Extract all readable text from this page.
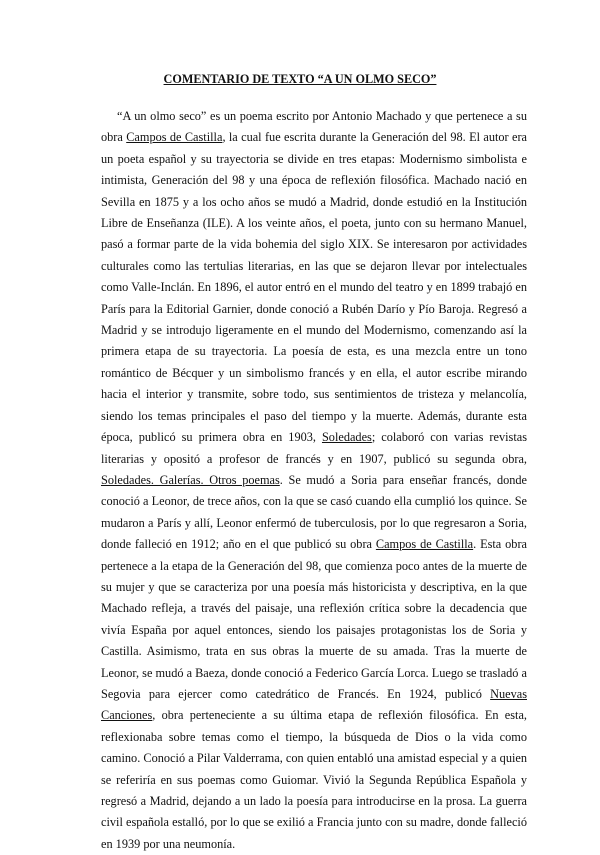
COMENTARIO DE TEXTO “A UN OLMO SECO”

“A un olmo seco” es un poema escrito por Antonio Machado y que pertenece a su obra Campos de Castilla, la cual fue escrita durante la Generación del 98. El autor era un poeta español y su trayectoria se divide en tres etapas: Modernismo simbolista e intimista, Generación del 98 y una época de reflexión filosófica. Machado nació en Sevilla en 1875 y a los ocho años se mudó a Madrid, donde estudió en la Institución Libre de Enseñanza (ILE). A los veinte años, el poeta, junto con su hermano Manuel, pasó a formar parte de la vida bohemia del siglo XIX. Se interesaron por actividades culturales como las tertulias literarias, en las que se dejaron llevar por intelectuales como Valle-Inclán. En 1896, el autor entró en el mundo del teatro y en 1899 trabajó en París para la Editorial Garnier, donde conoció a Rubén Darío y Pío Baroja. Regresó a Madrid y se introdujo ligeramente en el mundo del Modernismo, comenzando así la primera etapa de su trayectoria. La poesía de esta, es una mezcla entre un tono romántico de Bécquer y un simbolismo francés y en ella, el autor escribe mirando hacia el interior y transmite, sobre todo, sus sentimientos de tristeza y melancolía, siendo los temas principales el paso del tiempo y la muerte. Además, durante esta época, publicó su primera obra en 1903, Soledades; colaboró con varias revistas literarias y opositó a profesor de francés y en 1907, publicó su segunda obra, Soledades. Galerías. Otros poemas. Se mudó a Soria para enseñar francés, donde conoció a Leonor, de trece años, con la que se casó cuando ella cumplió los quince. Se mudaron a París y allí, Leonor enfermó de tuberculosis, por lo que regresaron a Soria, donde falleció en 1912; año en el que publicó su obra Campos de Castilla. Esta obra pertenece a la etapa de la Generación del 98, que comienza poco antes de la muerte de su mujer y que se caracteriza por una poesía más historicista y descriptiva, en la que Machado refleja, a través del paisaje, una reflexión crítica sobre la decadencia que vivía España por aquel entonces, siendo los paisajes protagonistas los de Soria y Castilla. Asimismo, trata en sus obras la muerte de su amada. Tras la muerte de Leonor, se mudó a Baeza, donde conoció a Federico García Lorca. Luego se trasladó a Segovia para ejercer como catedrático de Francés. En 1924, publicó Nuevas Canciones, obra perteneciente a su última etapa de reflexión filosófica. En esta, reflexionaba sobre temas como el tiempo, la búsqueda de Dios o la vida como camino. Conoció a Pilar Valderrama, con quien entabló una amistad especial y a quien se referiría en sus poemas como Guiomar. Vivió la Segunda República Española y regresó a Madrid, dejando a un lado la poesía para introducirse en la prosa. La guerra civil española estalló, por lo que se exilió a Francia junto con su madre, donde falleció en 1939 por una neumonía.
